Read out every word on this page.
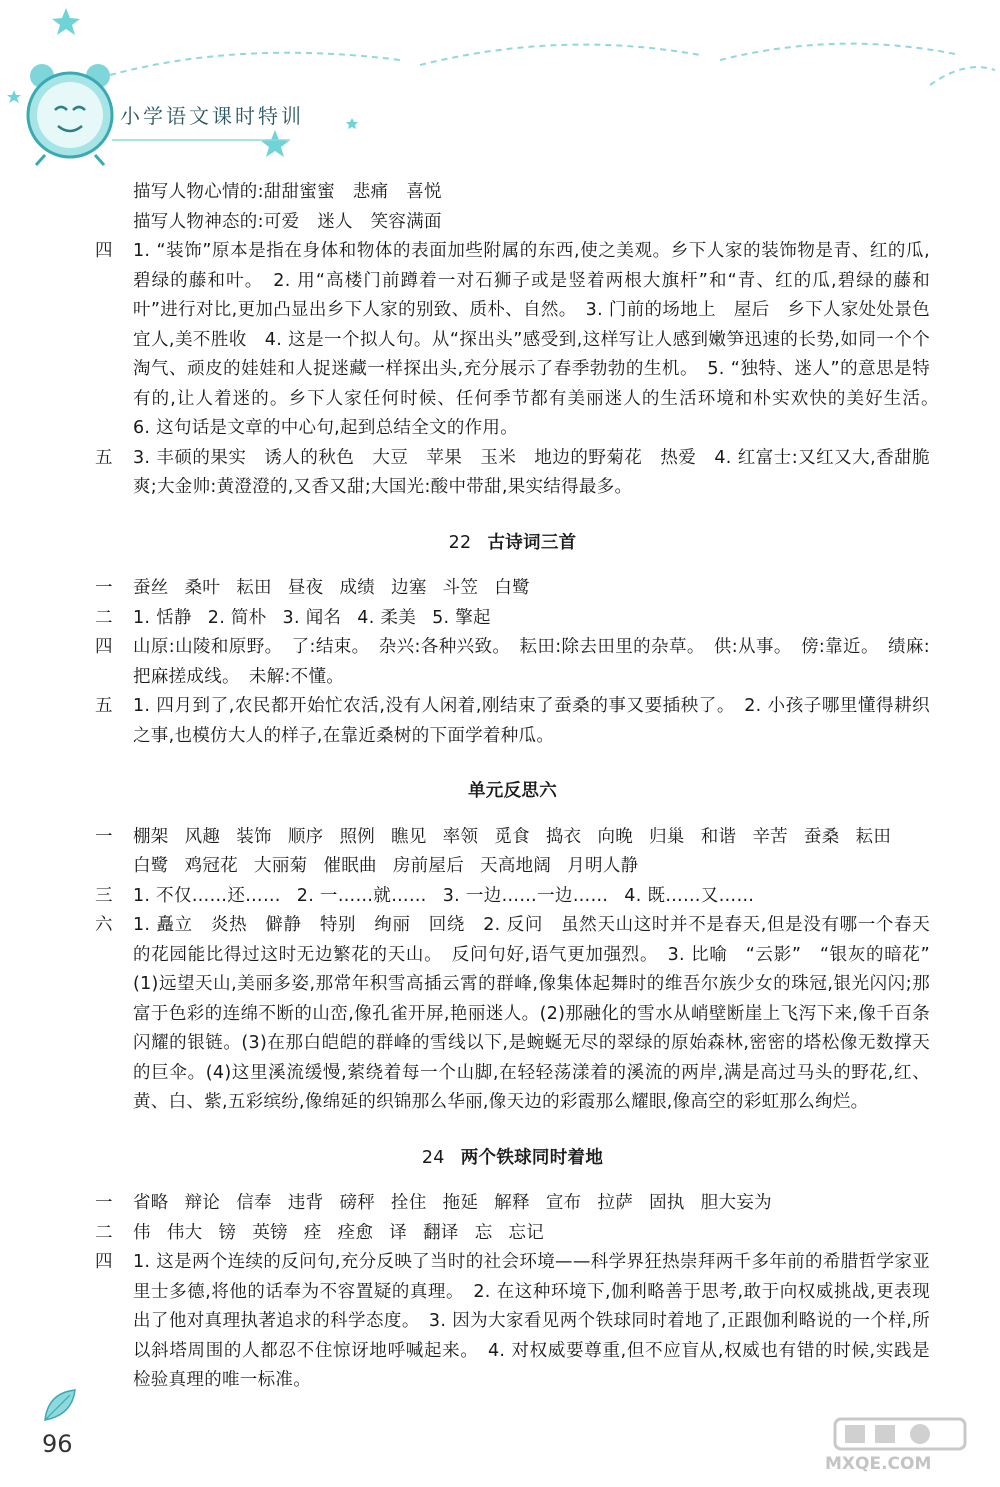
小学语文课时特训
描写人物心情的:甜甜蜜蜜　悲痛　喜悦
描写人物神态的:可爱　迷人　笑容满面
四	1. “装饰”原本是指在身体和物体的表面加些附属的东西,使之美观。乡下人家的装饰物是青、红的瓜,碧绿的藤和叶。　2. 用“高楼门前蹲着一对石狮子或是竖着两根大旗杆”和“青、红的瓜,碧绿的藤和叶”进行对比,更加凸显出乡下人家的别致、质朴、自然。　3. 门前的场地上　屋后　乡下人家处处景色宜人,美不胜收　4. 这是一个拟人句。从“探出头”感受到,这样写让人感到嫩笋迅速的长势,如同一个个淘气、顽皮的娃娃和人捉迷藏一样探出头,充分展示了春季勃勃的生机。　5. “独特、迷人”的意思是特有的,让人着迷的。乡下人家任何时候、任何季节都有美丽迷人的生活环境和朴实欢快的美好生活。　6. 这句话是文章的中心句,起到总结全文的作用。
五	3. 丰硕的果实　诱人的秋色　大豆　苹果　玉米　地边的野菊花　热爱　4. 红富士:又红又大,香甜脆爽;大金帅:黄澄澄的,又香又甜;大国光:酸中带甜,果实结得最多。
22 古诗词三首
一	蚕丝 桑叶 耘田 昼夜 成绩 边塞 斗笠 白鹭
二	1. 恬静 2. 简朴 3. 闻名 4. 柔美 5. 擎起
四	山原:山陵和原野。　了:结束。　杂兴:各种兴致。　耘田:除去田里的杂草。　供:从事。　傍:靠近。　绩麻:把麻搓成线。　未解:不懂。
五	1. 四月到了,农民都开始忙农活,没有人闲着,刚结束了蚕桑的事又要插秧了。　2. 小孩子哪里懂得耕织之事,也模仿大人的样子,在靠近桑树的下面学着种瓜。
单元反思六
一	棚架 风趣 装饰 顺序 照例 瞧见 率领 觅食 捣衣 向晚 归巢 和谐 辛苦 蚕桑 耘田
白鹭 鸡冠花 大丽菊 催眠曲 房前屋后 天高地阔 月明人静
三	1. 不仅……还…… 2. 一……就…… 3. 一边……一边…… 4. 既……又……
六	1. 矗立　炎热　僻静　特别　绚丽　回绕　2. 反问　虽然天山这时并不是春天,但是没有哪一个春天的花园能比得过这时无边繁花的天山。　反问句好,语气更加强烈。　3. 比喻　“云影”　“银灰的暗花”　(1)远望天山,美丽多姿,那常年积雪高插云霄的群峰,像集体起舞时的维吾尔族少女的珠冠,银光闪闪;那富于色彩的连绵不断的山峦,像孔雀开屏,艳丽迷人。(2)那融化的雪水从峭壁断崖上飞泻下来,像千百条闪耀的银链。(3)在那白皑皑的群峰的雪线以下,是蜿蜒无尽的翠绿的原始森林,密密的塔松像无数撑天的巨伞。(4)这里溪流缓慢,萦绕着每一个山脚,在轻轻荡漾着的溪流的两岸,满是高过马头的野花,红、黄、白、紫,五彩缤纷,像绵延的织锦那么华丽,像天边的彩霞那么耀眼,像高空的彩虹那么绚烂。
24 两个铁球同时着地
一	省略 辩论 信奉 违背 磅秤 拴住 拖延 解释 宣布 拉萨 固执 胆大妄为
二	伟 伟大 镑 英镑 痊 痊愈 译 翻译 忘 忘记
四	1. 这是两个连续的反问句,充分反映了当时的社会环境——科学界狂热崇拜两千多年前的希腊哲学家亚里士多德,将他的话奉为不容置疑的真理。　2. 在这种环境下,伽利略善于思考,敢于向权威挑战,更表现出了他对真理执著追求的科学态度。　3. 因为大家看见两个铁球同时着地了,正跟伽利略说的一个样,所以斜塔周围的人都忍不住惊讶地呼喊起来。　4. 对权威要尊重,但不应盲从,权威也有错的时候,实践是检验真理的唯一标准。
96
MXQE.COM
